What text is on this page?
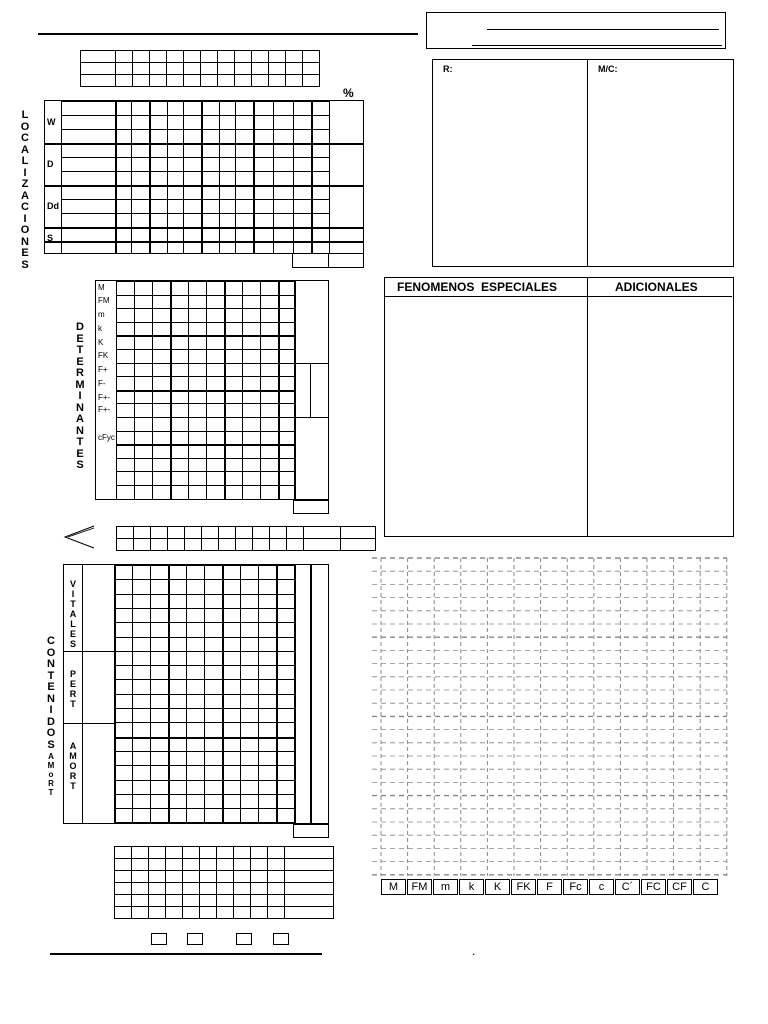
L
O
C
A
L
I
Z
A
C
I
O
N
E
S
%
W
D
Dd
S
R:	M/C:
D
E
T
E
R
M
I
N
A
N
T
E
S
M
FM
m
k
K
FK
F+
F-
F+-
F+-
cFyc

FENOMENOS  ESPECIALES	ADICIONALES
C
O
N
T
E
N
I
D
O
S
A
M
o
R
T
V
I
T
A
L
E
S
P
E
R
T
A
M
O
R
T

.
M	FM	m	k	K	FK	F	Fc	c	C´	FC	CF	C
